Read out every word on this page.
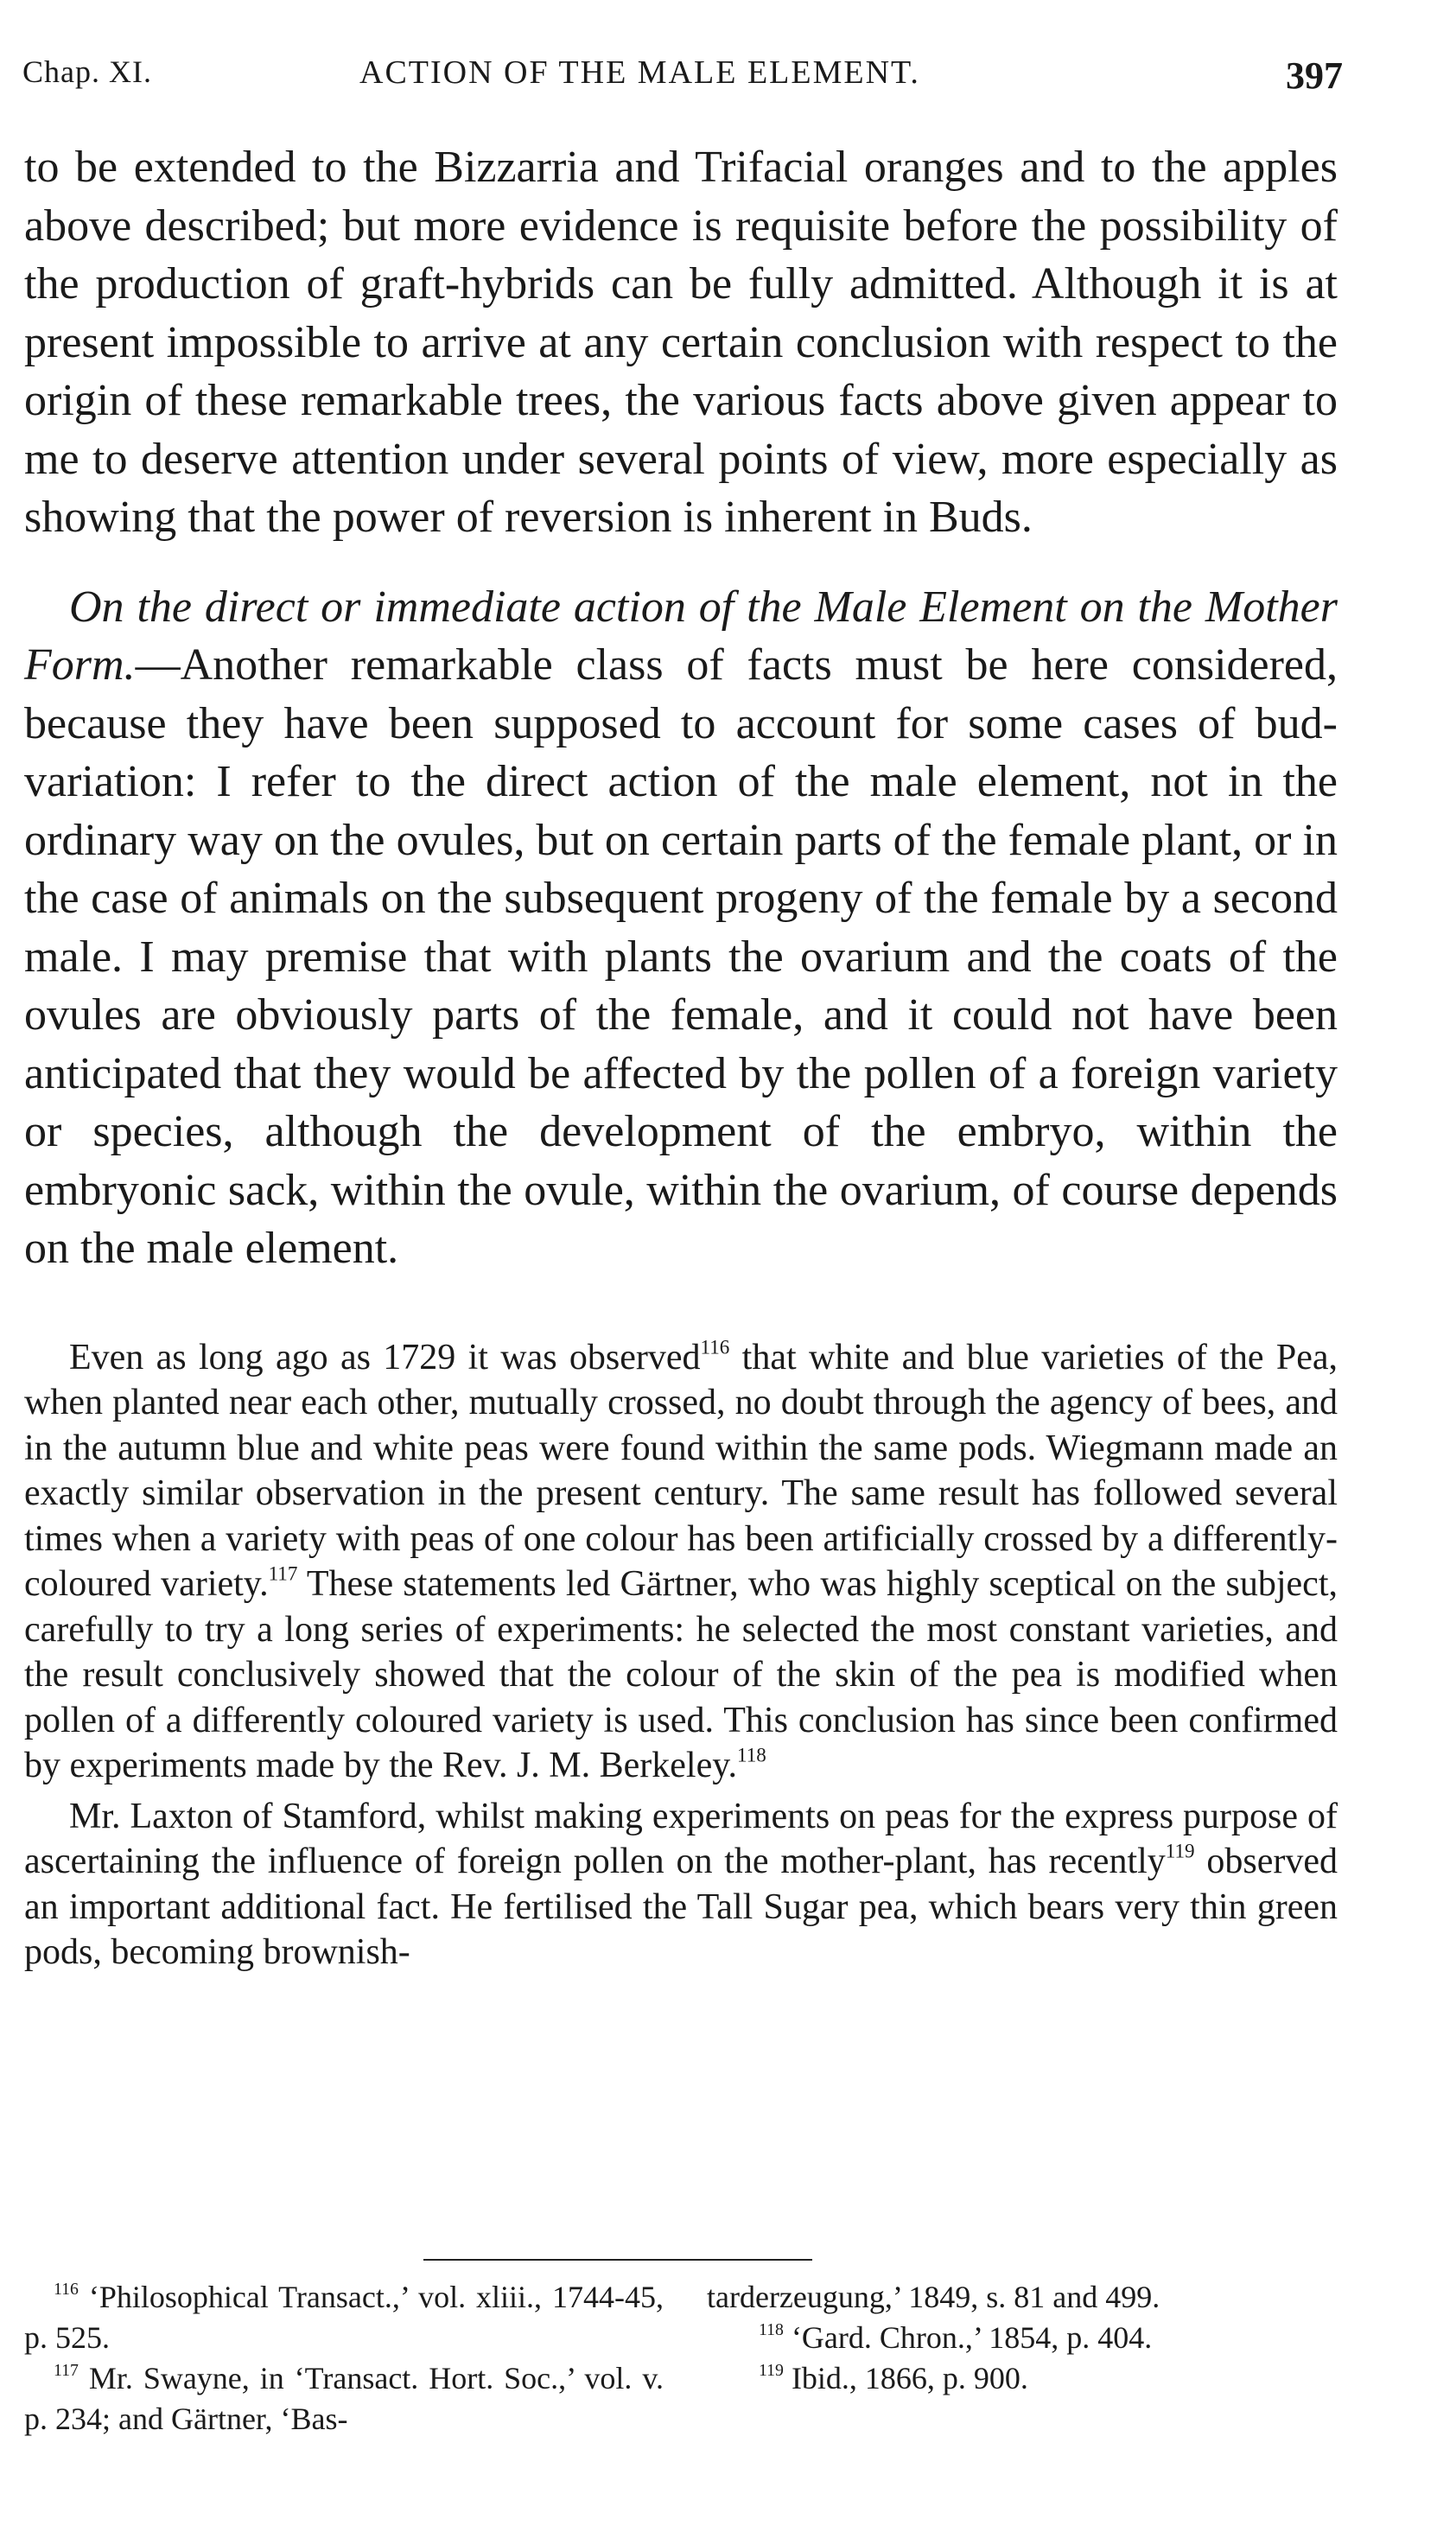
Chap. XI.	ACTION OF THE MALE ELEMENT.	397

to be extended to the Bizzarria and Trifacial oranges and to the apples above described; but more evidence is requisite before the possibility of the production of graft-hybrids can be fully admitted. Although it is at present impossible to arrive at any certain conclusion with respect to the origin of these remarkable trees, the various facts above given appear to me to deserve attention under several points of view, more especially as showing that the power of reversion is inherent in Buds.

On the direct or immediate action of the Male Element on the Mother Form.—Another remarkable class of facts must be here considered, because they have been supposed to account for some cases of bud-variation: I refer to the direct action of the male element, not in the ordinary way on the ovules, but on certain parts of the female plant, or in the case of animals on the subsequent progeny of the female by a second male. I may premise that with plants the ovarium and the coats of the ovules are obviously parts of the female, and it could not have been anticipated that they would be affected by the pollen of a foreign variety or species, although the development of the embryo, within the embryonic sack, within the ovule, within the ovarium, of course depends on the male element.

Even as long ago as 1729 it was observed$^{116}$ that white and blue varieties of the Pea, when planted near each other, mutually crossed, no doubt through the agency of bees, and in the autumn blue and white peas were found within the same pods. Wiegmann made an exactly similar observation in the present century. The same result has followed several times when a variety with peas of one colour has been artificially crossed by a differently-coloured variety.$^{117}$ These statements led Gärtner, who was highly sceptical on the subject, carefully to try a long series of experiments: he selected the most constant varieties, and the result conclusively showed that the colour of the skin of the pea is modified when pollen of a differently coloured variety is used. This conclusion has since been confirmed by experiments made by the Rev. J. M. Berkeley.$^{118}$

Mr. Laxton of Stamford, whilst making experiments on peas for the express purpose of ascertaining the influence of foreign pollen on the mother-plant, has recently$^{119}$ observed an important additional fact. He fertilised the Tall Sugar pea, which bears very thin green pods, becoming brownish-

$^{116}$ ‘Philosophical Transact.,’ vol. xliii., 1744-45, p. 525.

$^{117}$ Mr. Swayne, in ‘Transact. Hort. Soc.,’ vol. v. p. 234; and Gärtner, ‘Bas-

tarderzeugung,’ 1849, s. 81 and 499.

$^{118}$ ‘Gard. Chron.,’ 1854, p. 404.

$^{119}$ Ibid., 1866, p. 900.
